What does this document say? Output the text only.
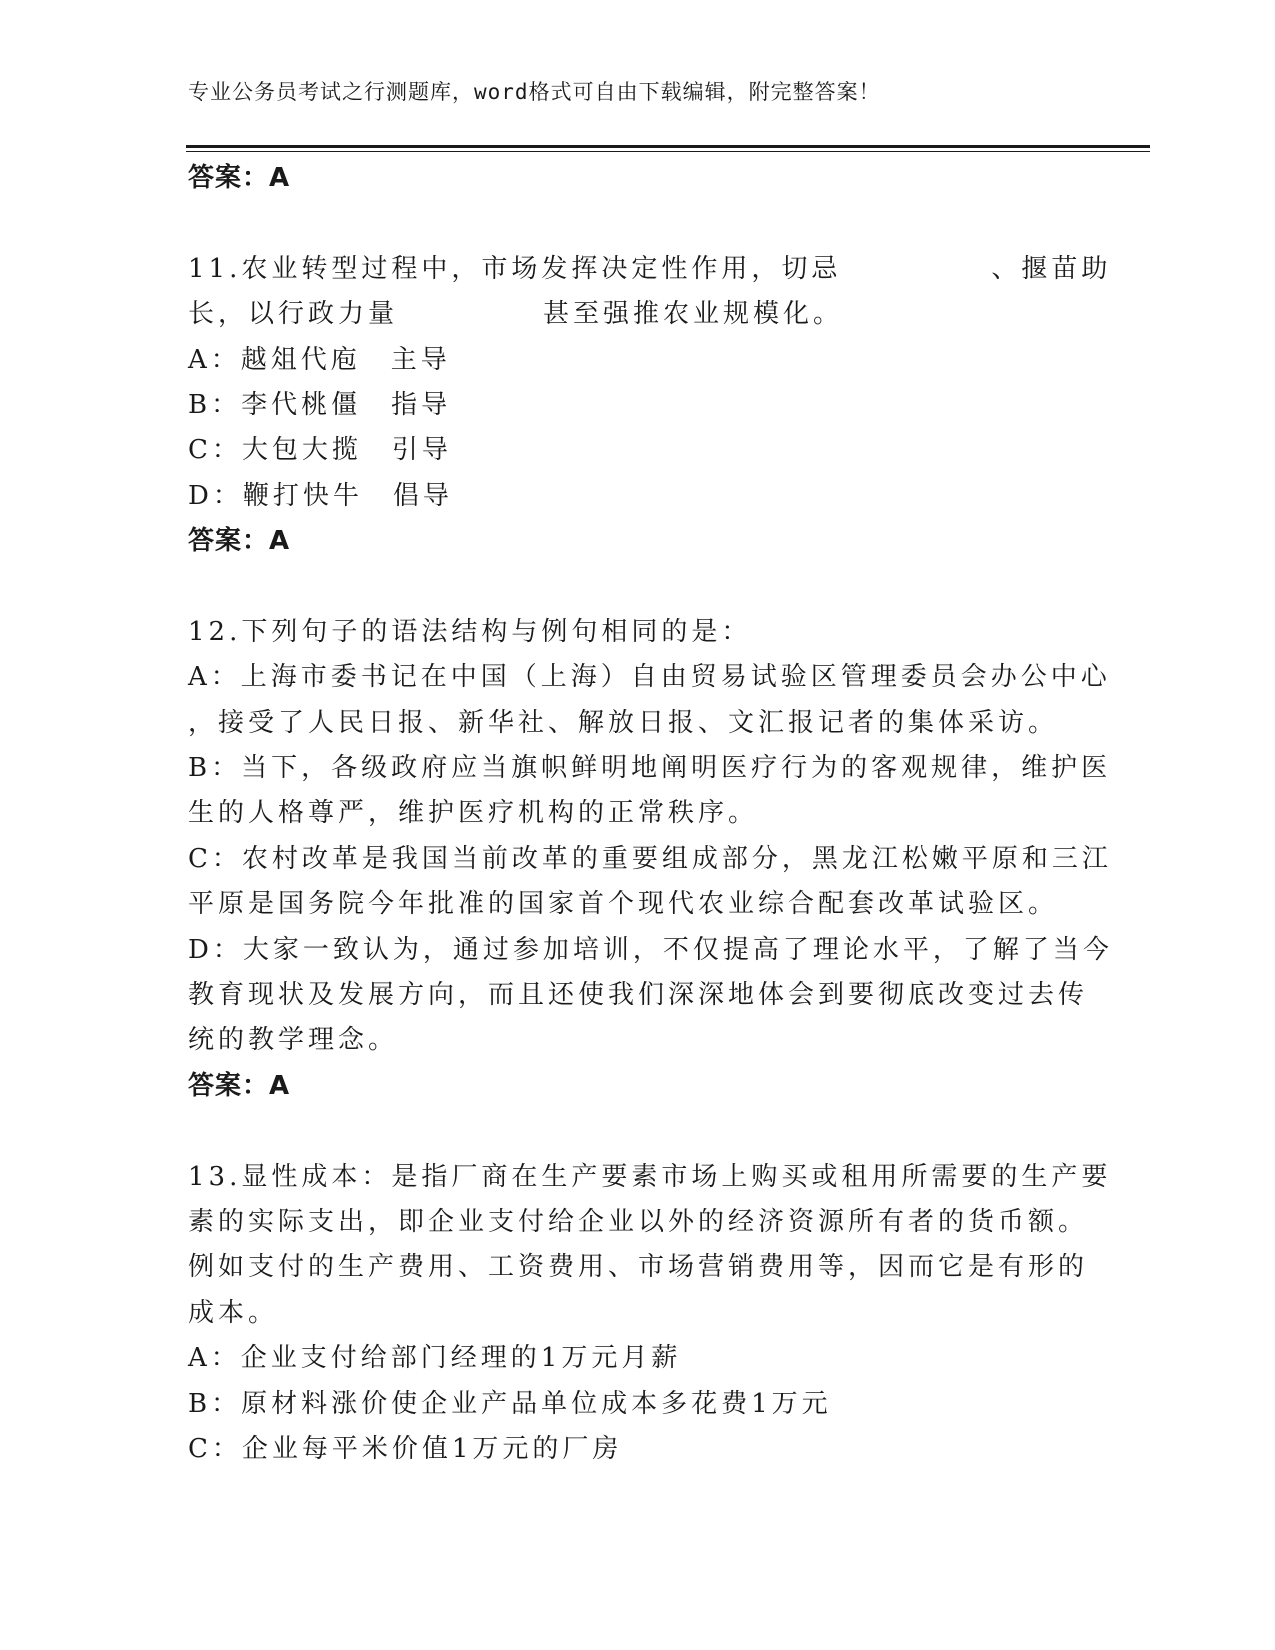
专业公务员考试之行测题库，word格式可自由下载编辑，附完整答案！
答案：A
11.农业转型过程中，市场发挥决定性作用，切忌	、揠苗助
长，以行政力量	甚至强推农业规模化。
A：越俎代庖　主导
B：李代桃僵　指导
C：大包大揽　引导
D：鞭打快牛　倡导
答案：A
12.下列句子的语法结构与例句相同的是：
A：上海市委书记在中国（上海）自由贸易试验区管理委员会办公中心
，接受了人民日报、新华社、解放日报、文汇报记者的集体采访。
B：当下，各级政府应当旗帜鲜明地阐明医疗行为的客观规律，维护医
生的人格尊严，维护医疗机构的正常秩序。
C：农村改革是我国当前改革的重要组成部分，黑龙江松嫩平原和三江
平原是国务院今年批准的国家首个现代农业综合配套改革试验区。
D：大家一致认为，通过参加培训，不仅提高了理论水平，了解了当今
教育现状及发展方向，而且还使我们深深地体会到要彻底改变过去传
统的教学理念。
答案：A
13.显性成本：是指厂商在生产要素市场上购买或租用所需要的生产要
素的实际支出，即企业支付给企业以外的经济资源所有者的货币额。
例如支付的生产费用、工资费用、市场营销费用等，因而它是有形的
成本。
A：企业支付给部门经理的1万元月薪
B：原材料涨价使企业产品单位成本多花费1万元
C：企业每平米价值1万元的厂房
